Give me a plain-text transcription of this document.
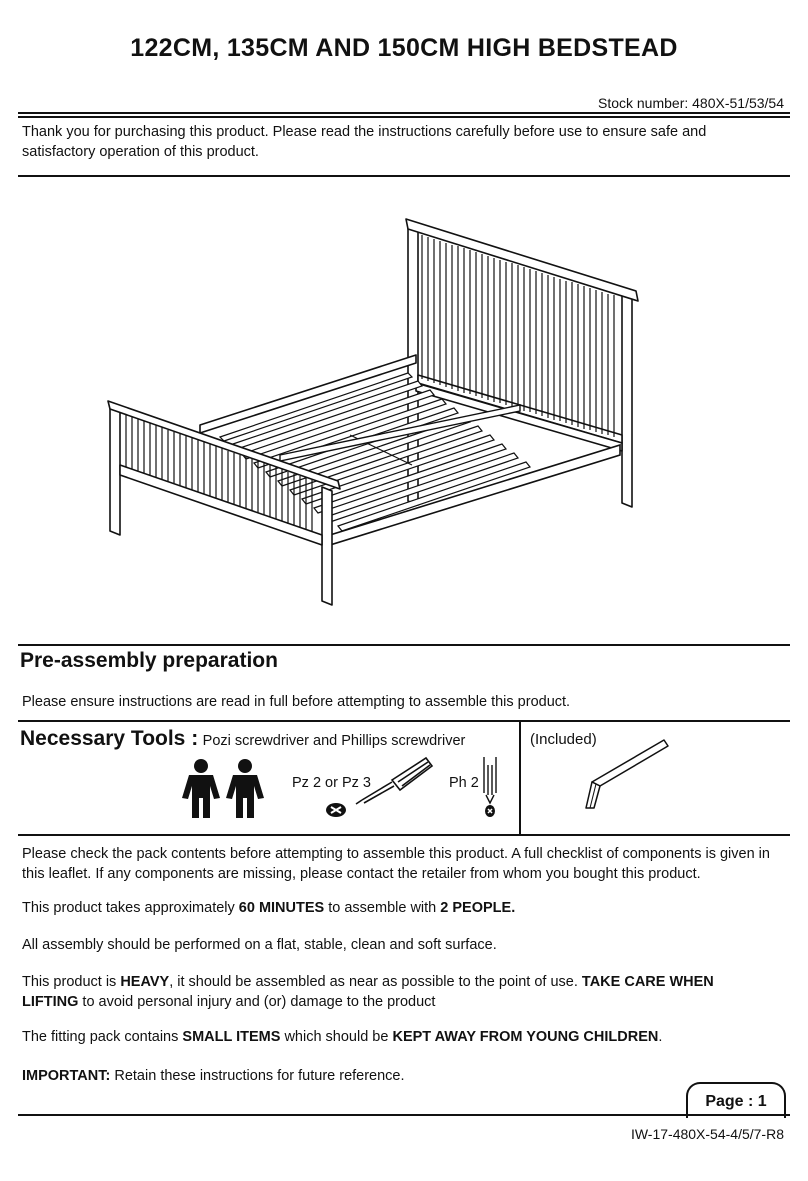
122CM, 135CM AND 150CM HIGH BEDSTEAD
Stock number: 480X-51/53/54
Thank you for purchasing this product. Please read the instructions carefully before use to ensure safe and satisfactory operation of this product.
Pre-assembly preparation
Please ensure instructions are read in full before attempting to assemble this product.
Necessary Tools : Pozi screwdriver and Phillips screwdriver
Pz 2 or Pz 3	Ph 2
(Included)
Please check the pack contents before attempting to assemble this product. A full checklist of components is given in this leaflet. If any components are missing, please contact the retailer from whom you bought this product.
This product takes approximately 60 MINUTES to assemble with 2 PEOPLE.
All assembly should be performed on a flat, stable, clean and soft surface.
This product is HEAVY, it should be assembled as near as possible to the point of use. TAKE CARE WHEN LIFTING to avoid personal injury and (or) damage to the product
The fitting pack contains SMALL ITEMS which should be KEPT AWAY FROM YOUNG CHILDREN.
IMPORTANT: Retain these instructions for future reference.
Page : 1
IW-17-480X-54-4/5/7-R8
